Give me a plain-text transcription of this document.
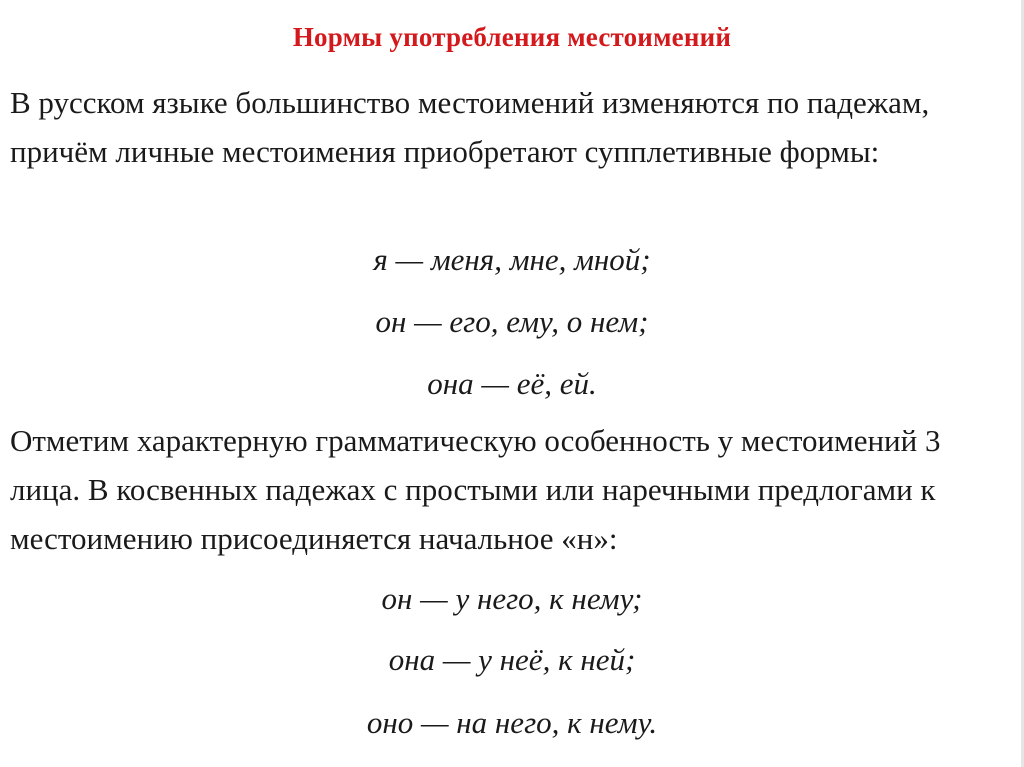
Нормы употребления местоимений
В русском языке большинство местоимений изменяются по падежам, причём личные местоимения приобретают супплетивные формы:
я — меня, мне, мной;
он — его, ему, о нем;
она — её, ей.
Отметим характерную грамматическую особенность у местоимений 3 лица. В косвенных падежах с простыми или наречными предлогами к местоимению присоединяется начальное «н»:
он — у него, к нему;
она — у неё, к ней;
оно — на него, к нему.
